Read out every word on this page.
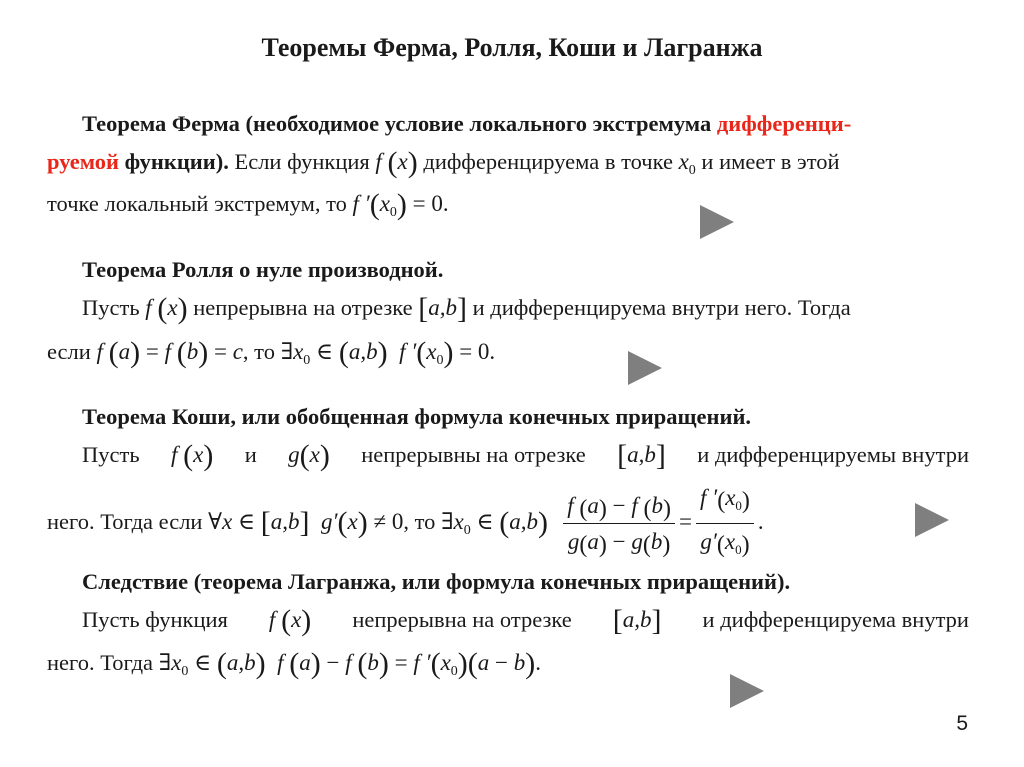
Теоремы Ферма, Ролля, Коши и Лагранжа
Теорема Ферма (необходимое условие локального экстремума дифференци-
руемой функции). Если функция f (x) дифференцируема в точке $x_0$ и имеет в этой
точке локальный экстремум, то f $'(x_0) = 0$.
Теорема Ролля о нуле производной.
Пусть f (x) непрерывна на отрезке [a,b] и дифференцируема внутри него. Тогда
если f (a) = f (b) = c, то $\exists x_0$ ∈ (a,b)  f $'(x_0) = 0$.
Теорема Коши, или обобщенная формула конечных приращений.
Пусть f (x) и g(x) непрерывны на отрезке [a,b] и дифференцируемы внутри
него. Тогда если ∀x ∈ [a,b]  g′(x) ≠ 0, то $\exists x_0$ ∈ $(a,b) \frac{f (a) - f (b)}{g(a) - g(b)} = \frac{f '(x_0)}{g'(x_0)}$ .
Следствие (теорема Лагранжа, или формула конечных приращений).
Пусть функция f (x) непрерывна на отрезке [a,b] и дифференцируема внутри
него. Тогда $\exists x_0$ ∈ (a,b)  f (a) − f (b) = f $'(x_0)(a - b)$.
5
